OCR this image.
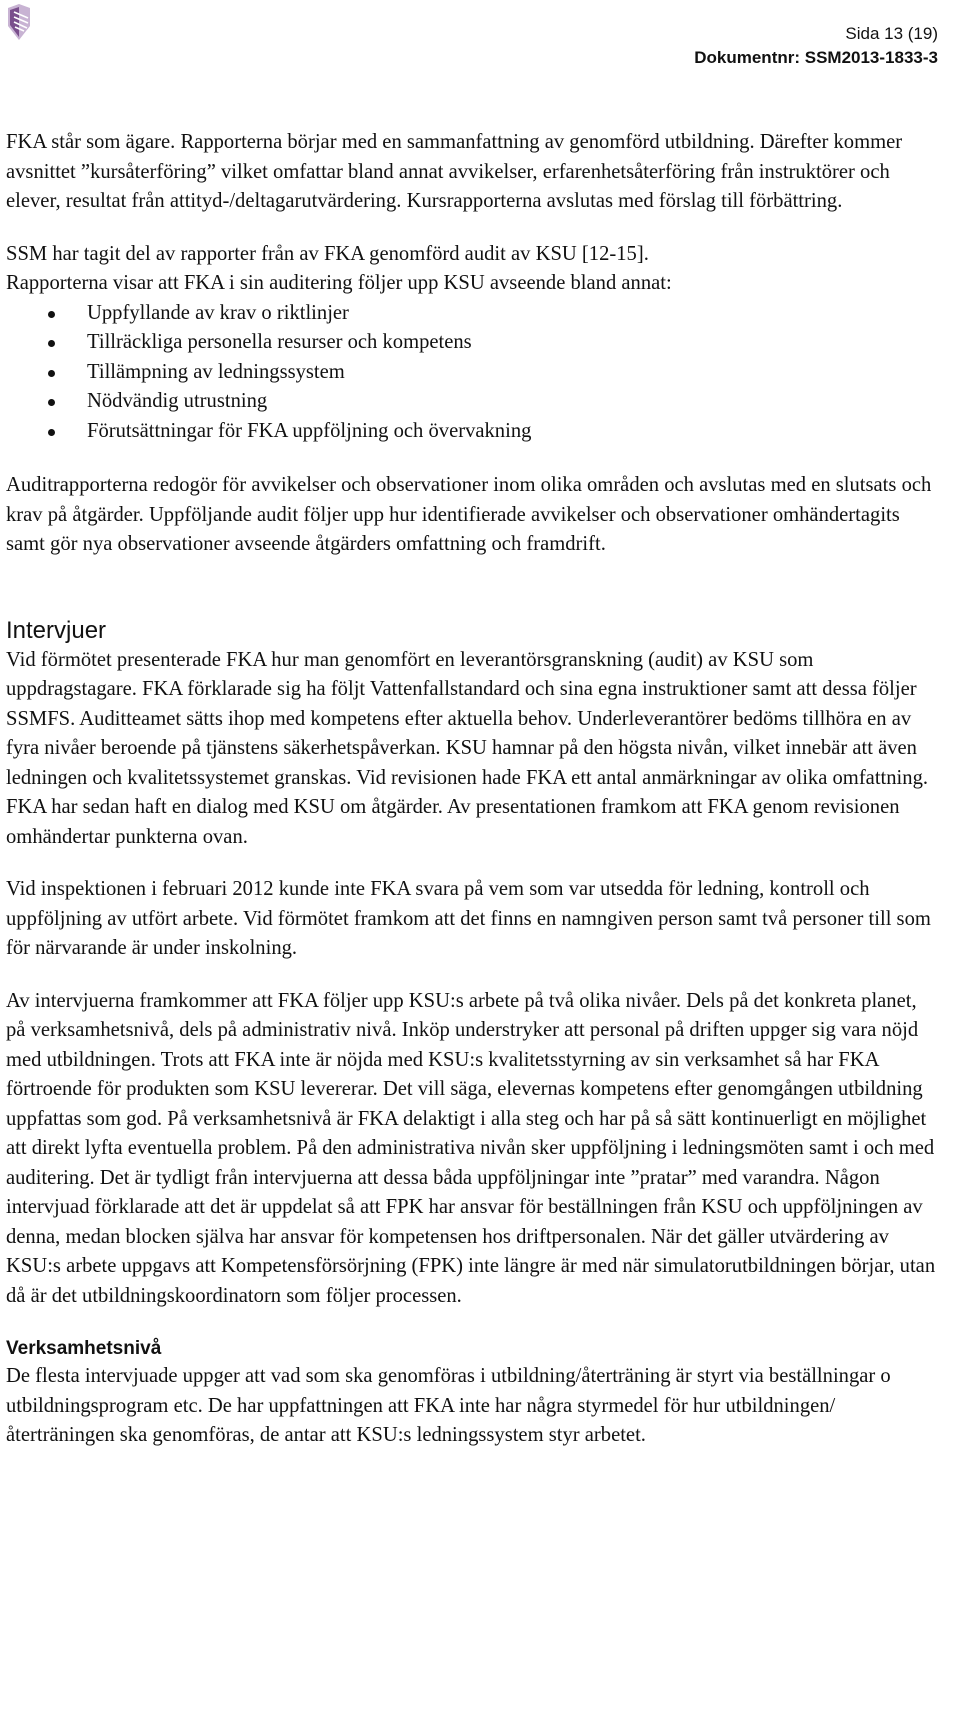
Sida 13 (19)
Dokumentnr: SSM2013-1833-3

FKA står som ägare. Rapporterna börjar med en sammanfattning av genomförd utbildning. Därefter kommer avsnittet ”kursåterföring” vilket omfattar bland annat avvikelser, erfarenhetsåterföring från instruktörer och elever, resultat från attityd-/deltagarutvärdering. Kursrapporterna avslutas med förslag till förbättring.

SSM har tagit del av rapporter från av FKA genomförd audit av KSU [12-15].

Rapporterna visar att FKA i sin auditering följer upp KSU avseende bland annat:

Uppfyllande av krav o riktlinjer
Tillräckliga personella resurser och kompetens
Tillämpning av ledningssystem
Nödvändig utrustning
Förutsättningar för FKA uppföljning och övervakning

Auditrapporterna redogör för avvikelser och observationer inom olika områden och avslutas med en slutsats och krav på åtgärder. Uppföljande audit följer upp hur identifierade avvikelser och observationer omhändertagits samt gör nya observationer avseende åtgärders omfattning och framdrift.

Intervjuer

Vid förmötet presenterade FKA hur man genomfört en leverantörsgranskning (audit) av KSU som uppdragstagare. FKA förklarade sig ha följt Vattenfallstandard och sina egna instruktioner samt att dessa följer SSMFS. Auditteamet sätts ihop med kompetens efter aktuella behov. Underleverantörer bedöms tillhöra en av fyra nivåer beroende på tjänstens säkerhetspåverkan. KSU hamnar på den högsta nivån, vilket innebär att även ledningen och kvalitetssystemet granskas. Vid revisionen hade FKA ett antal anmärkningar av olika omfattning. FKA har sedan haft en dialog med KSU om åtgärder. Av presentationen framkom att FKA genom revisionen omhändertar punkterna ovan.

Vid inspektionen i februari 2012 kunde inte FKA svara på vem som var utsedda för ledning, kontroll och uppföljning av utfört arbete. Vid förmötet framkom att det finns en namngiven person samt två personer till som för närvarande är under inskolning.

Av intervjuerna framkommer att FKA följer upp KSU:s arbete på två olika nivåer. Dels på det konkreta planet, på verksamhetsnivå, dels på administrativ nivå. Inköp understryker att personal på driften uppger sig vara nöjd med utbildningen. Trots att FKA inte är nöjda med KSU:s kvalitetsstyrning av sin verksamhet så har FKA förtroende för produkten som KSU levererar. Det vill säga, elevernas kompetens efter genomgången utbildning uppfattas som god. På verksamhetsnivå är FKA delaktigt i alla steg och har på så sätt kontinuerligt en möjlighet att direkt lyfta eventuella problem. På den administrativa nivån sker uppföljning i ledningsmöten samt i och med auditering. Det är tydligt från intervjuerna att dessa båda uppföljningar inte ”pratar” med varandra. Någon intervjuad förklarade att det är uppdelat så att FPK har ansvar för beställningen från KSU och uppföljningen av denna, medan blocken själva har ansvar för kompetensen hos driftpersonalen. När det gäller utvärdering av KSU:s arbete uppgavs att Kompetensförsörjning (FPK) inte längre är med när simulatorutbildningen börjar, utan då är det utbildningskoordinatorn som följer processen.

Verksamhetsnivå

De flesta intervjuade uppger att vad som ska genomföras i utbildning/återträning är styrt via beställningar o utbildningsprogram etc. De har uppfattningen att FKA inte har några styrmedel för hur utbildningen/återträningen ska genomföras, de antar att KSU:s ledningssystem styr arbetet.
